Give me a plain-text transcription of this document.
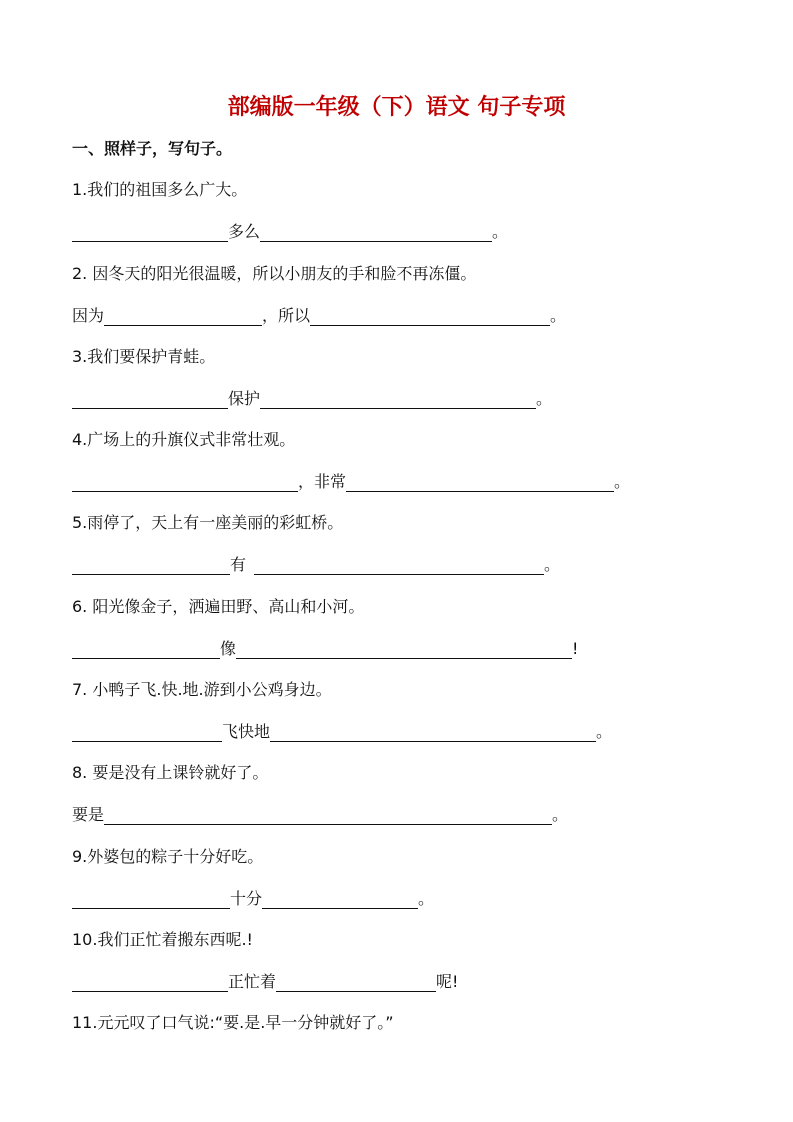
部编版一年级（下）语文 句子专项
一、照样子，写句子。
1.我们的祖国多么广大。
多么	。
2. 因冬天的阳光很温暖，所以小朋友的手和脸不再冻僵。
因为	，所以	。
3.我们要保护青蛙。
保护	。
4.广场上的升旗仪式非常壮观。
，非常	。
5.雨停了，天上有一座美丽的彩虹桥。
有	。
6. 阳光像金子，洒遍田野、高山和小河。
像	!
7. 小鸭子飞.快.地.游到小公鸡身边。
飞快地	。
8. 要是没有上课铃就好了。
要是	。
9.外婆包的粽子十分好吃。
十分	。
10.我们正忙着搬东西呢.!
正忙着	呢!
11.元元叹了口气说:“要.是.早一分钟就好了。”
